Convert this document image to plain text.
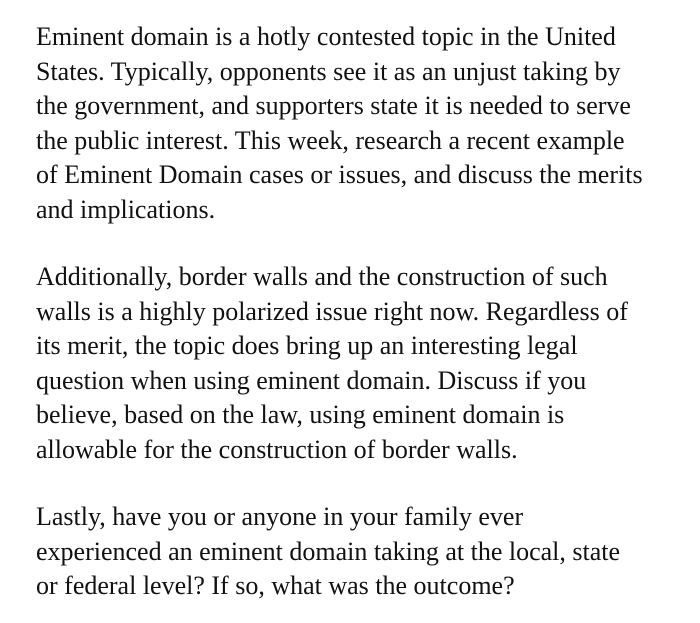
Eminent domain is a hotly contested topic in the United
States. Typically, opponents see it as an unjust taking by
the government, and supporters state it is needed to serve
the public interest. This week, research a recent example
of Eminent Domain cases or issues, and discuss the merits
and implications.

Additionally, border walls and the construction of such
walls is a highly polarized issue right now. Regardless of
its merit, the topic does bring up an interesting legal
question when using eminent domain. Discuss if you
believe, based on the law, using eminent domain is
allowable for the construction of border walls.

Lastly, have you or anyone in your family ever
experienced an eminent domain taking at the local, state
or federal level? If so, what was the outcome?
